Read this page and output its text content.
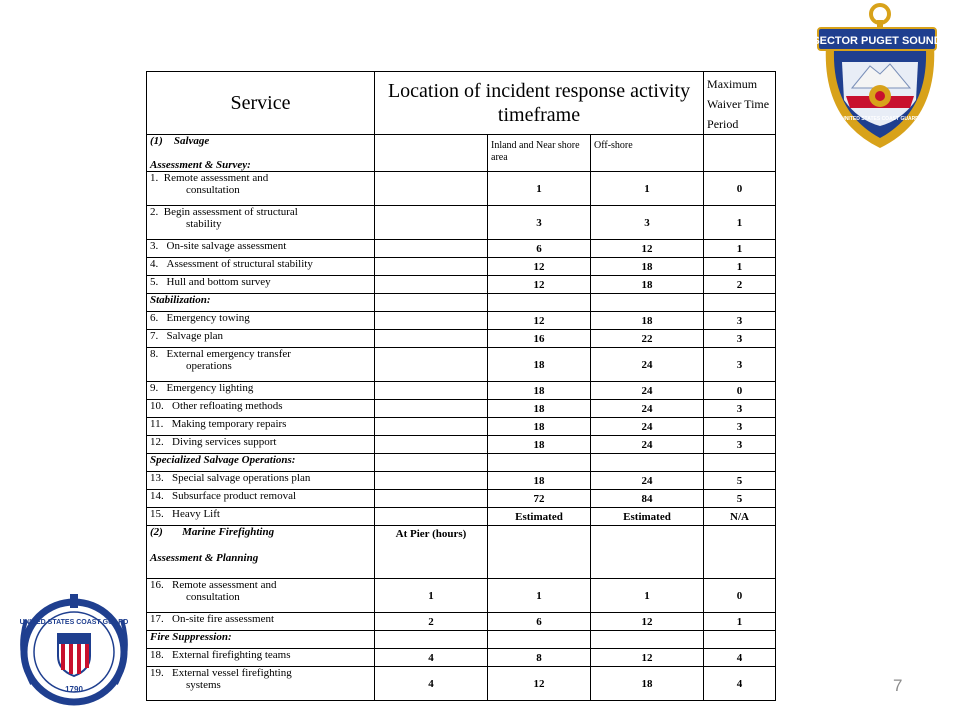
SECTOR PUGET SOUND
UNITED STATES COAST GUARD
Service	Location of incident response activity timeframe			Maximum Waiver Time Period

(1)    Salvage
Assessment & Survey:		Inland and Near shore area	Off-shore	

1.  Remote assessment and
consultation		1	1	0
2.  Begin assessment of structural
stability		3	3	1
3.   On-site salvage assessment		6	12	1
4.   Assessment of structural stability		12	18	1
5.   Hull and bottom survey		12	18	2
Stabilization:				
6.   Emergency towing		12	18	3
7.   Salvage plan		16	22	3
8.   External emergency transfer
operations		18	24	3
9.   Emergency lighting		18	24	0
10.   Other refloating methods		18	24	3
11.   Making temporary repairs		18	24	3
12.   Diving services support		18	24	3
Specialized Salvage Operations:				
13.   Special salvage operations plan		18	24	5
14.   Subsurface product removal		72	84	5
15.   Heavy Lift		Estimated	Estimated	N/A

(2)       Marine Firefighting
Assessment & Planning	At Pier (hours)			
16.   Remote assessment and
consultation	1	1	1	0
17.   On-site fire assessment	2	6	12	1
Fire Suppression:				
18.   External firefighting teams	4	8	12	4
19.   External vessel firefighting
systems	4	12	18	4
UNITED STATES COAST GUARD
1790	7
